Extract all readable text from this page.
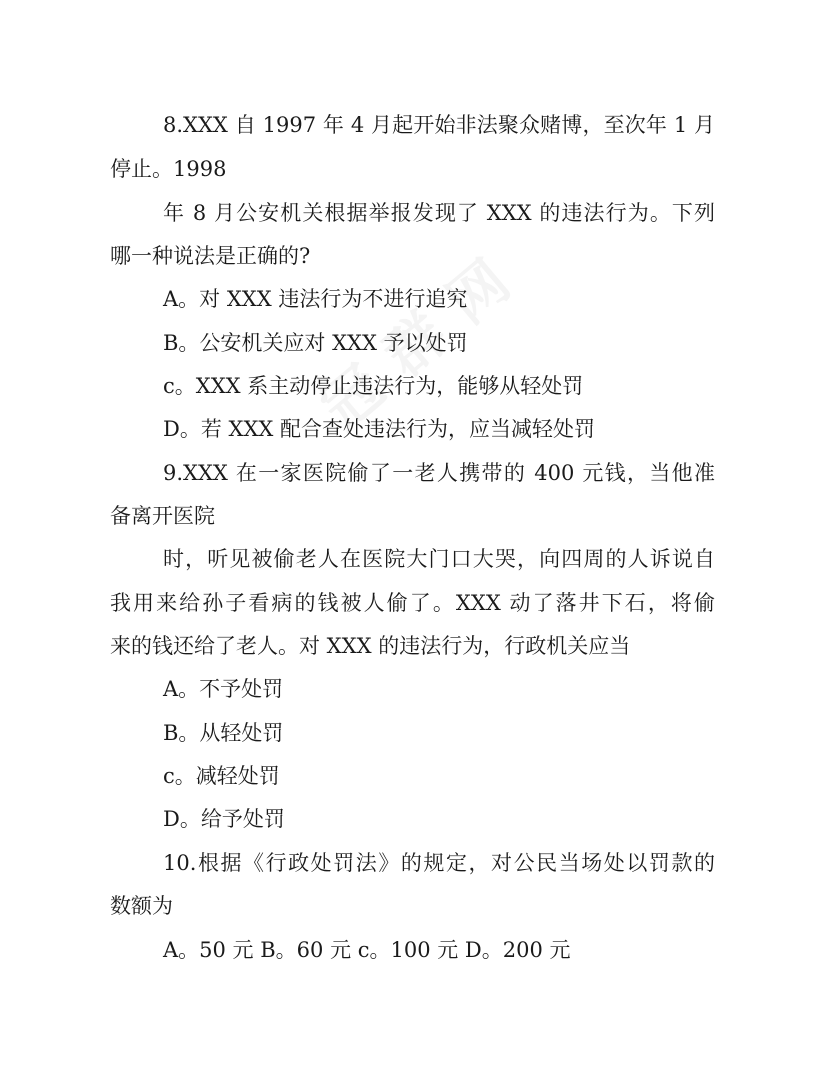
8.XXX 自 1997 年 4 月起开始非法聚众赌博，至次年 1 月
停止。1998
年 8 月公安机关根据举报发现了 XXX 的违法行为。下列
哪一种说法是正确的?
A。对 XXX 违法行为不进行追究
B。公安机关应对 XXX 予以处罚
c。XXX 系主动停止违法行为，能够从轻处罚
D。若 XXX 配合查处违法行为，应当减轻处罚
9.XXX 在一家医院偷了一老人携带的 400 元钱，当他准
备离开医院
时，听见被偷老人在医院大门口大哭，向四周的人诉说自
我用来给孙子看病的钱被人偷了。XXX 动了落井下石，将偷
来的钱还给了老人。对 XXX 的违法行为，行政机关应当
A。不予处罚
B。从轻处罚
c。减轻处罚
D。给予处罚
10.根据《行政处罚法》的规定，对公民当场处以罚款的
数额为
A。50 元 B。60 元 c。100 元 D。200 元
